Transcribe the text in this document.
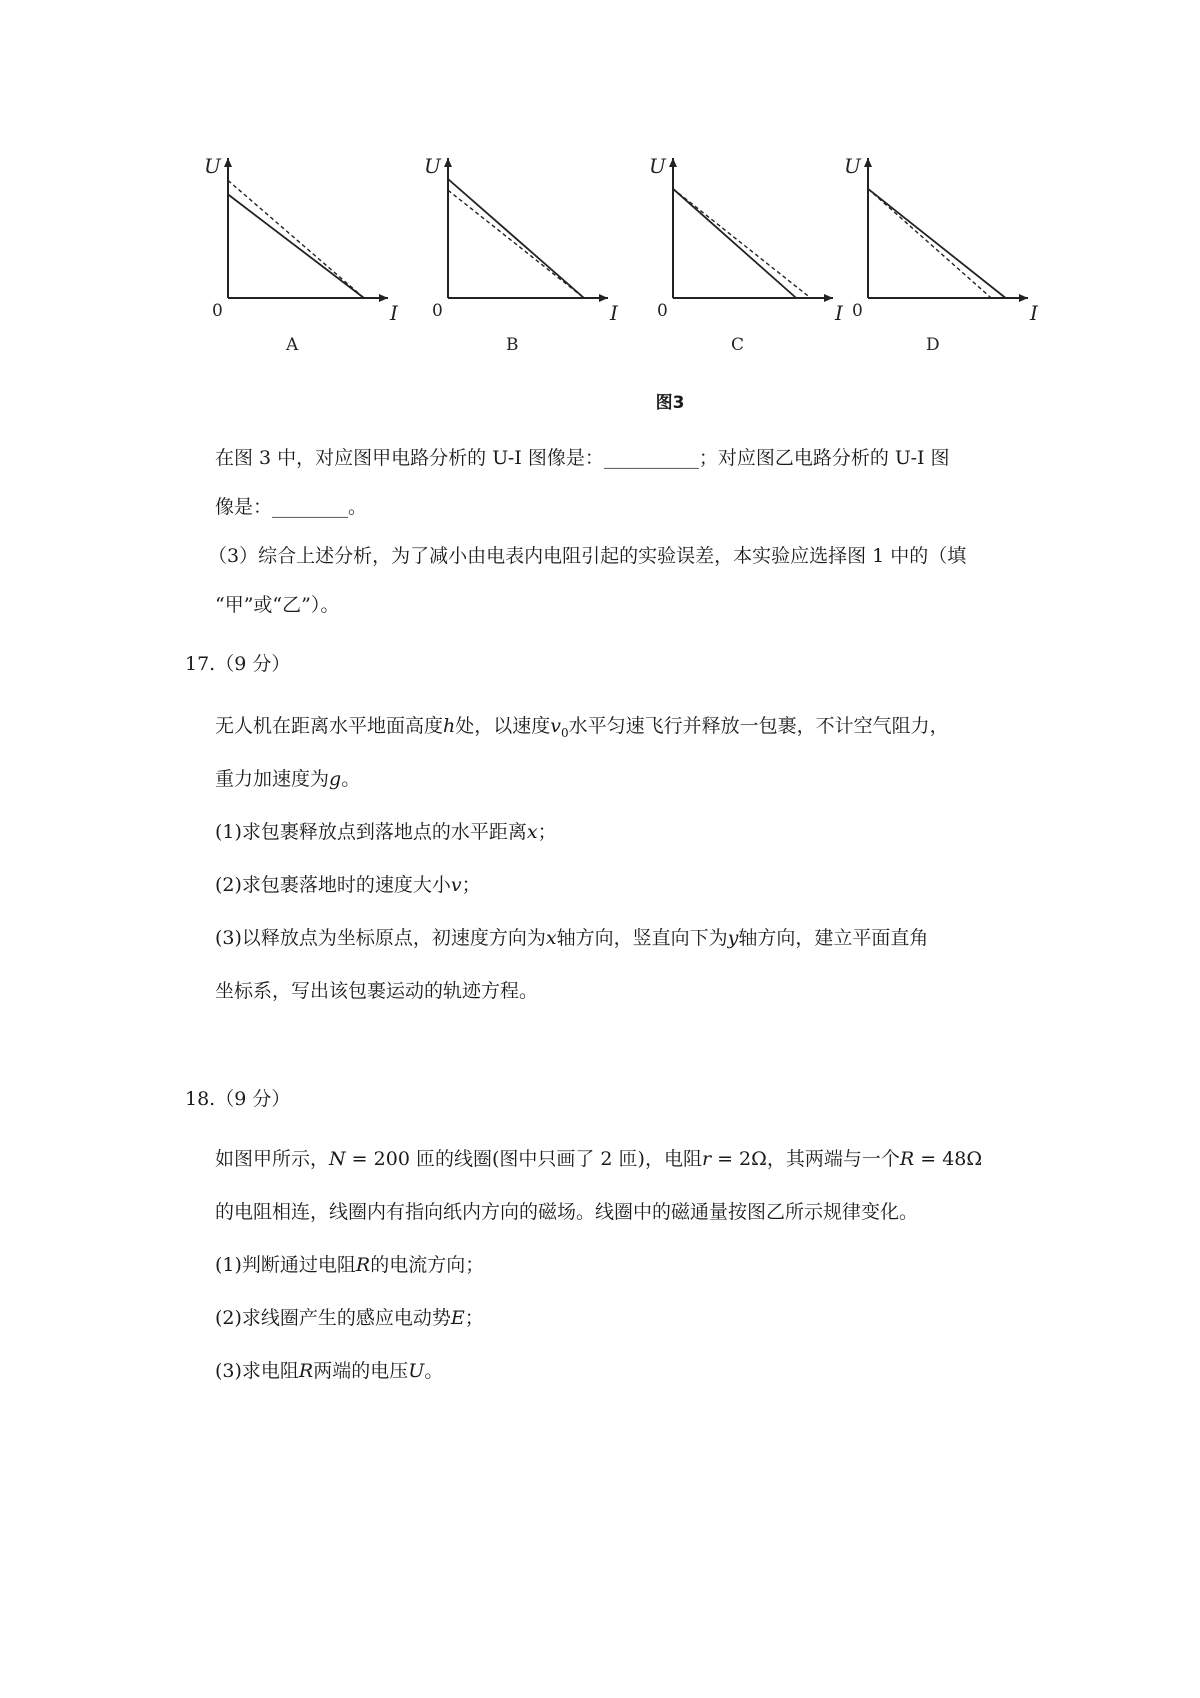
U
I
0
A
U
I
0
B
U
I
0
C
U
I
0
D
图3
在图 3 中，对应图甲电路分析的 U-I 图像是：__________；对应图乙电路分析的 U-I 图
像是：________。
（3）综合上述分析，为了减小由电表内电阻引起的实验误差，本实验应选择图 1 中的（填
“甲”或“乙”）。
17.（9 分）
无人机在距离水平地面高度h处，以速度$v_0$水平匀速飞行并释放一包裹，不计空气阻力，
重力加速度为g。
(1)求包裹释放点到落地点的水平距离x；
(2)求包裹落地时的速度大小v；
(3)以释放点为坐标原点，初速度方向为x轴方向，竖直向下为y轴方向，建立平面直角
坐标系，写出该包裹运动的轨迹方程。
18.（9 分）
如图甲所示，N = 200 匝的线圈(图中只画了 2 匝)，电阻r = 2Ω，其两端与一个R = 48Ω
的电阻相连，线圈内有指向纸内方向的磁场。线圈中的磁通量按图乙所示规律变化。
(1)判断通过电阻R的电流方向；
(2)求线圈产生的感应电动势E；
(3)求电阻R两端的电压U。
